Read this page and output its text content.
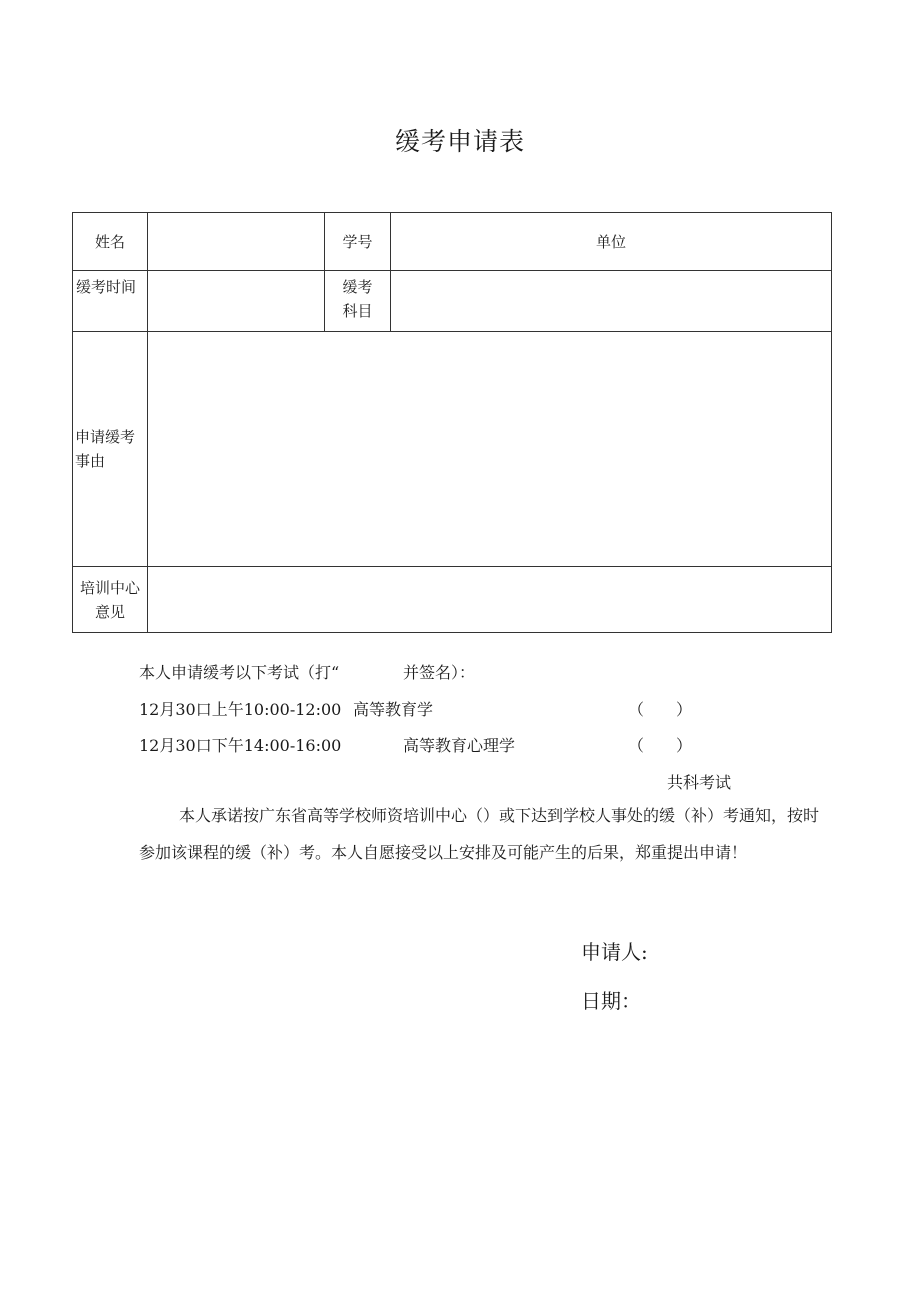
缓考申请表
姓名		学号	单位
缓考时间		缓考
科目	

申请缓考
事由			

培训中心
意见			

本人申请缓考以下考试（打“	并签名）：
12月30口上午10:00-12:00 高等教育学	（　　）
12月30口下午14:00-16:00	高等教育心理学	（　　）
共科考试
本人承诺按广东省高等学校师资培训中心（）或下达到学校人事处的缓（补）考通知，按时参加该课程的缓（补）考。本人自愿接受以上安排及可能产生的后果，郑重提出申请！
申请人:
日期：
